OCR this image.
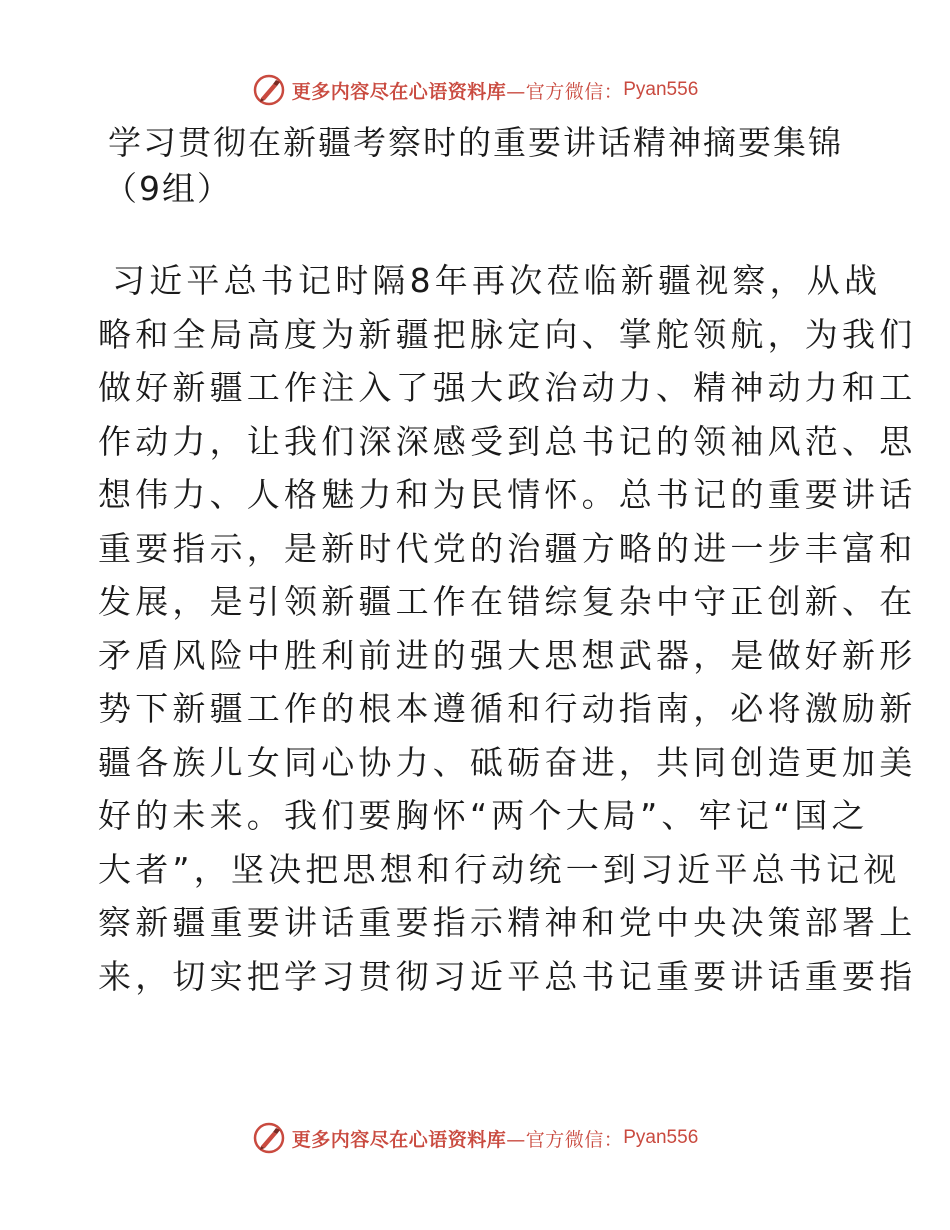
更多内容尽在心语资料库 —官方微信： Pyan556
学习贯彻在新疆考察时的重要讲话精神摘要集锦
（9组）
习近平总书记时隔8年再次莅临新疆视察，从战
略和全局高度为新疆把脉定向、掌舵领航，为我们
做好新疆工作注入了强大政治动力、精神动力和工
作动力，让我们深深感受到总书记的领袖风范、思
想伟力、人格魅力和为民情怀。总书记的重要讲话
重要指示，是新时代党的治疆方略的进一步丰富和
发展，是引领新疆工作在错综复杂中守正创新、在
矛盾风险中胜利前进的强大思想武器，是做好新形
势下新疆工作的根本遵循和行动指南，必将激励新
疆各族儿女同心协力、砥砺奋进，共同创造更加美
好的未来。我们要胸怀“两个大局”、牢记“国之
大者”，坚决把思想和行动统一到习近平总书记视
察新疆重要讲话重要指示精神和党中央决策部署上
来，切实把学习贯彻习近平总书记重要讲话重要指
更多内容尽在心语资料库 —官方微信： Pyan556
